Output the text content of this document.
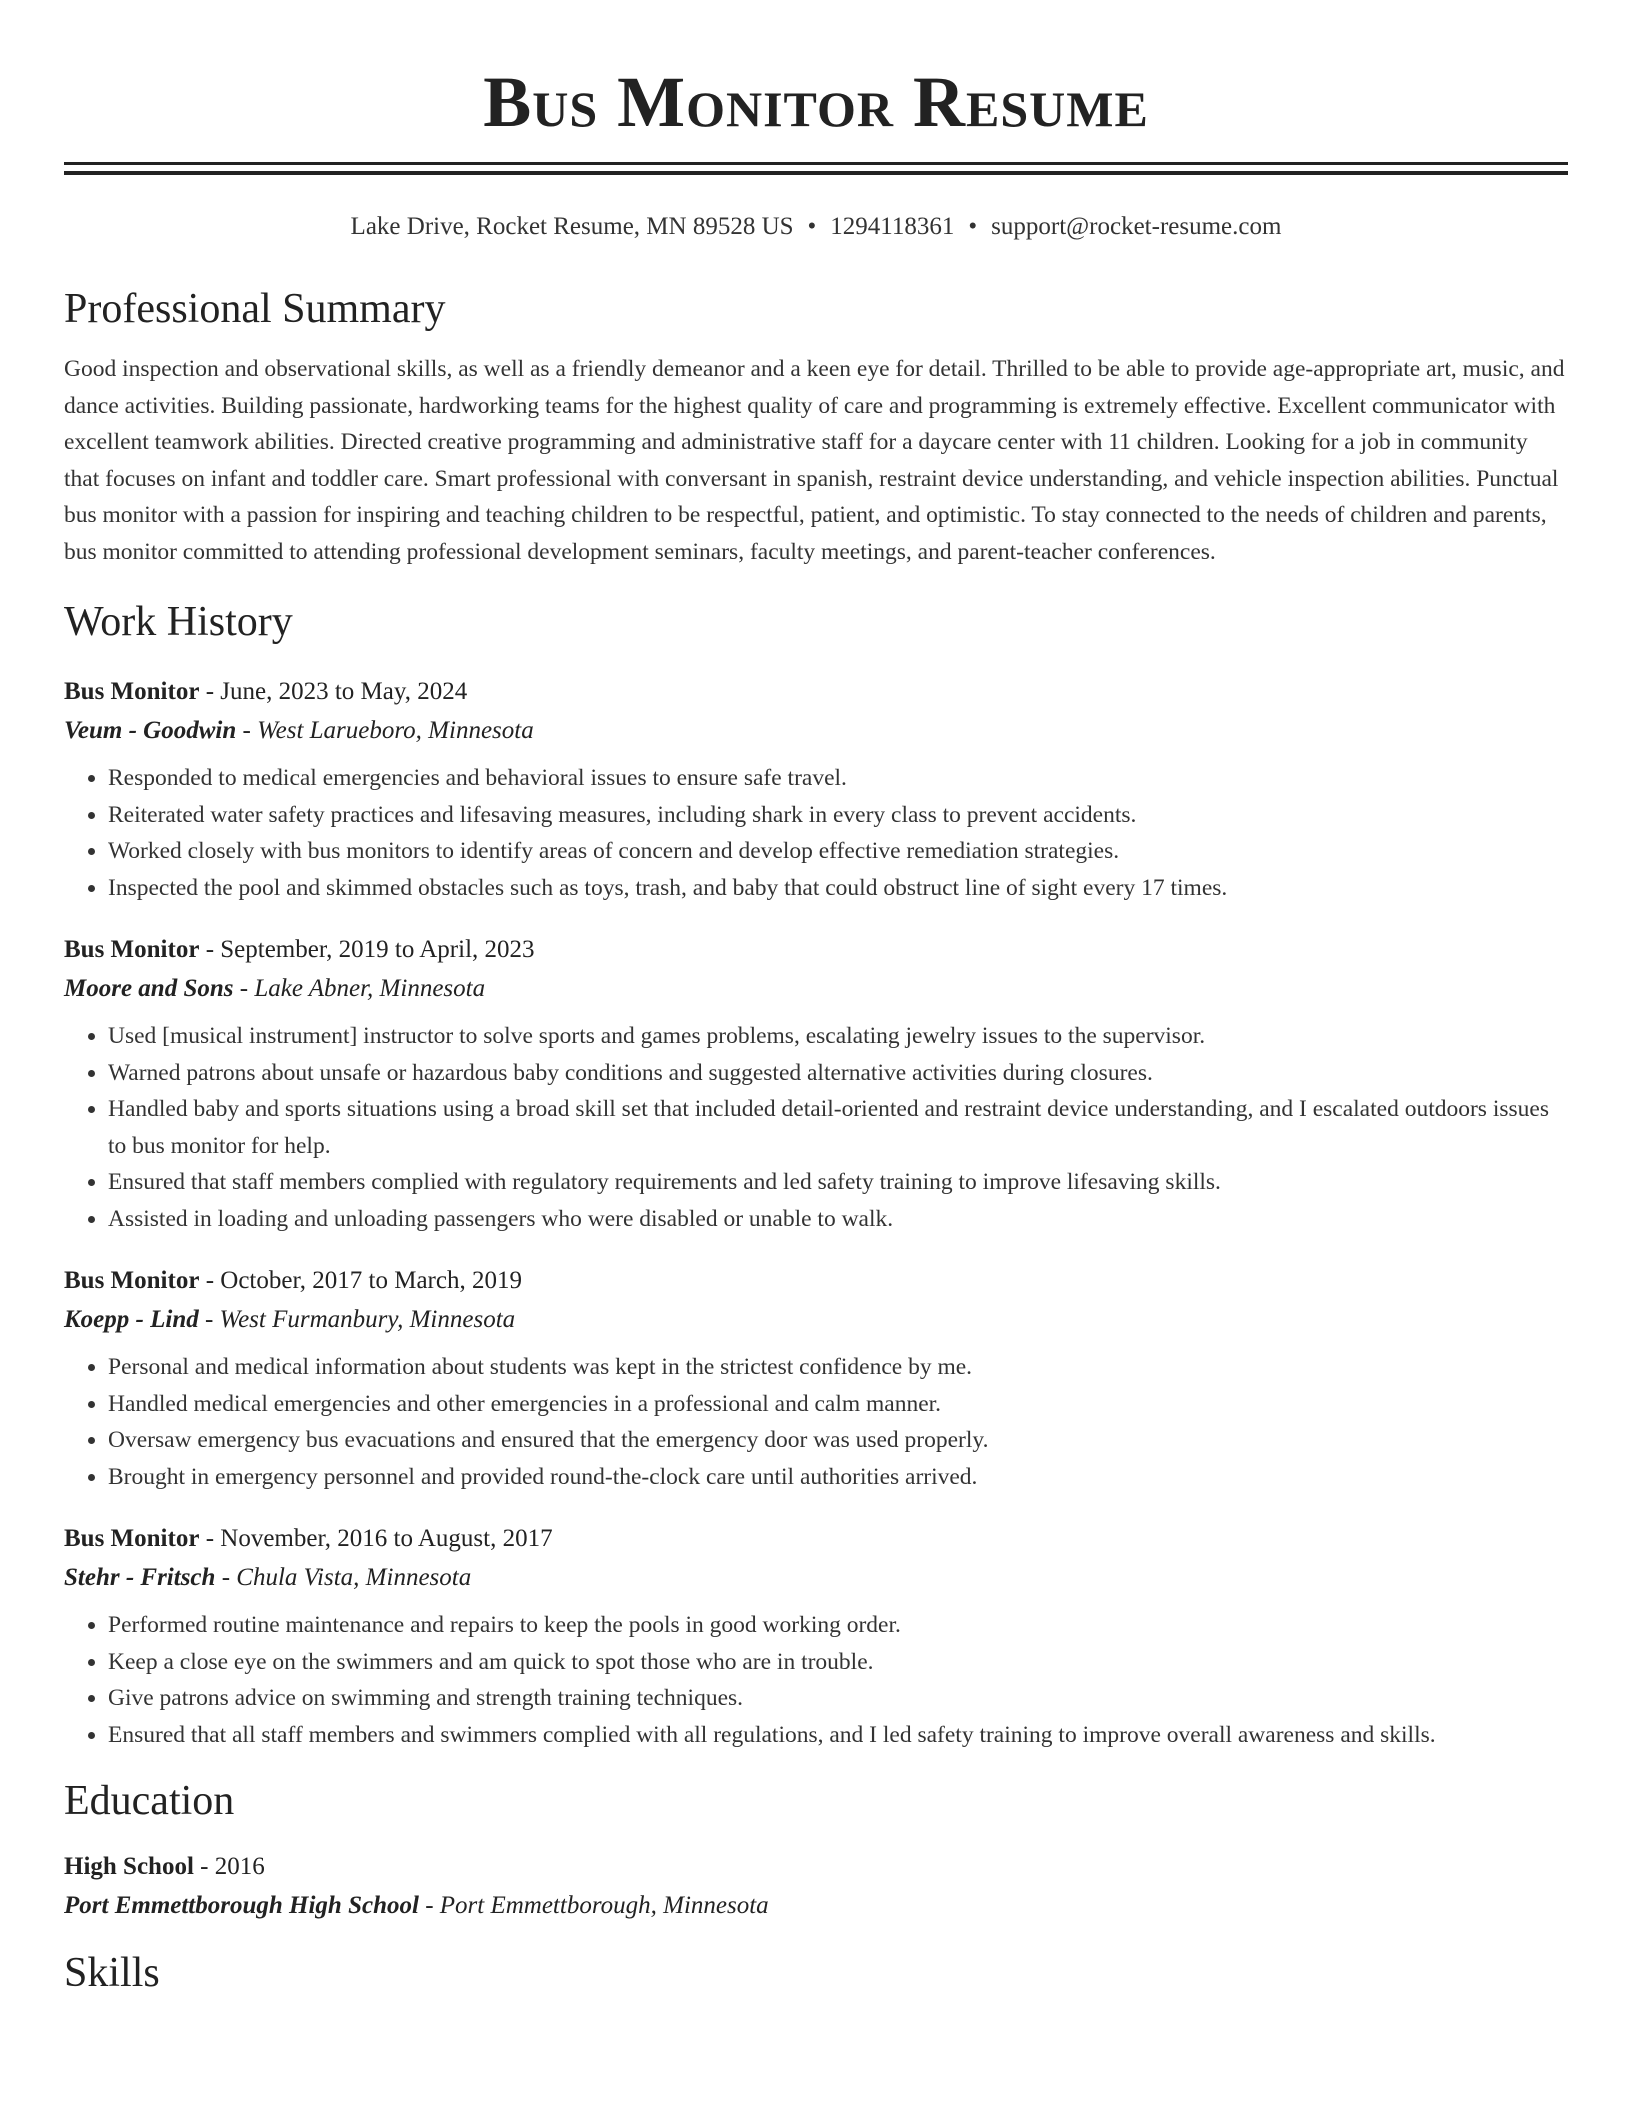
Bus Monitor Resume
Lake Drive, Rocket Resume, MN 89528 US • 1294118361 • support@rocket-resume.com
Professional Summary
Good inspection and observational skills, as well as a friendly demeanor and a keen eye for detail. Thrilled to be able to provide age-appropriate art, music, and dance activities. Building passionate, hardworking teams for the highest quality of care and programming is extremely effective. Excellent communicator with excellent teamwork abilities. Directed creative programming and administrative staff for a daycare center with 11 children. Looking for a job in community that focuses on infant and toddler care. Smart professional with conversant in spanish, restraint device understanding, and vehicle inspection abilities. Punctual bus monitor with a passion for inspiring and teaching children to be respectful, patient, and optimistic. To stay connected to the needs of children and parents, bus monitor committed to attending professional development seminars, faculty meetings, and parent-teacher conferences.
Work History
Bus Monitor - June, 2023 to May, 2024
Veum - Goodwin - West Larueboro, Minnesota
• Responded to medical emergencies and behavioral issues to ensure safe travel.
• Reiterated water safety practices and lifesaving measures, including shark in every class to prevent accidents.
• Worked closely with bus monitors to identify areas of concern and develop effective remediation strategies.
• Inspected the pool and skimmed obstacles such as toys, trash, and baby that could obstruct line of sight every 17 times.
Bus Monitor - September, 2019 to April, 2023
Moore and Sons - Lake Abner, Minnesota
• Used [musical instrument] instructor to solve sports and games problems, escalating jewelry issues to the supervisor.
• Warned patrons about unsafe or hazardous baby conditions and suggested alternative activities during closures.
• Handled baby and sports situations using a broad skill set that included detail-oriented and restraint device understanding, and I escalated outdoors issues to bus monitor for help.
• Ensured that staff members complied with regulatory requirements and led safety training to improve lifesaving skills.
• Assisted in loading and unloading passengers who were disabled or unable to walk.
Bus Monitor - October, 2017 to March, 2019
Koepp - Lind - West Furmanbury, Minnesota
• Personal and medical information about students was kept in the strictest confidence by me.
• Handled medical emergencies and other emergencies in a professional and calm manner.
• Oversaw emergency bus evacuations and ensured that the emergency door was used properly.
• Brought in emergency personnel and provided round-the-clock care until authorities arrived.
Bus Monitor - November, 2016 to August, 2017
Stehr - Fritsch - Chula Vista, Minnesota
• Performed routine maintenance and repairs to keep the pools in good working order.
• Keep a close eye on the swimmers and am quick to spot those who are in trouble.
• Give patrons advice on swimming and strength training techniques.
• Ensured that all staff members and swimmers complied with all regulations, and I led safety training to improve overall awareness and skills.
Education
High School - 2016
Port Emmettborough High School - Port Emmettborough, Minnesota
Skills
